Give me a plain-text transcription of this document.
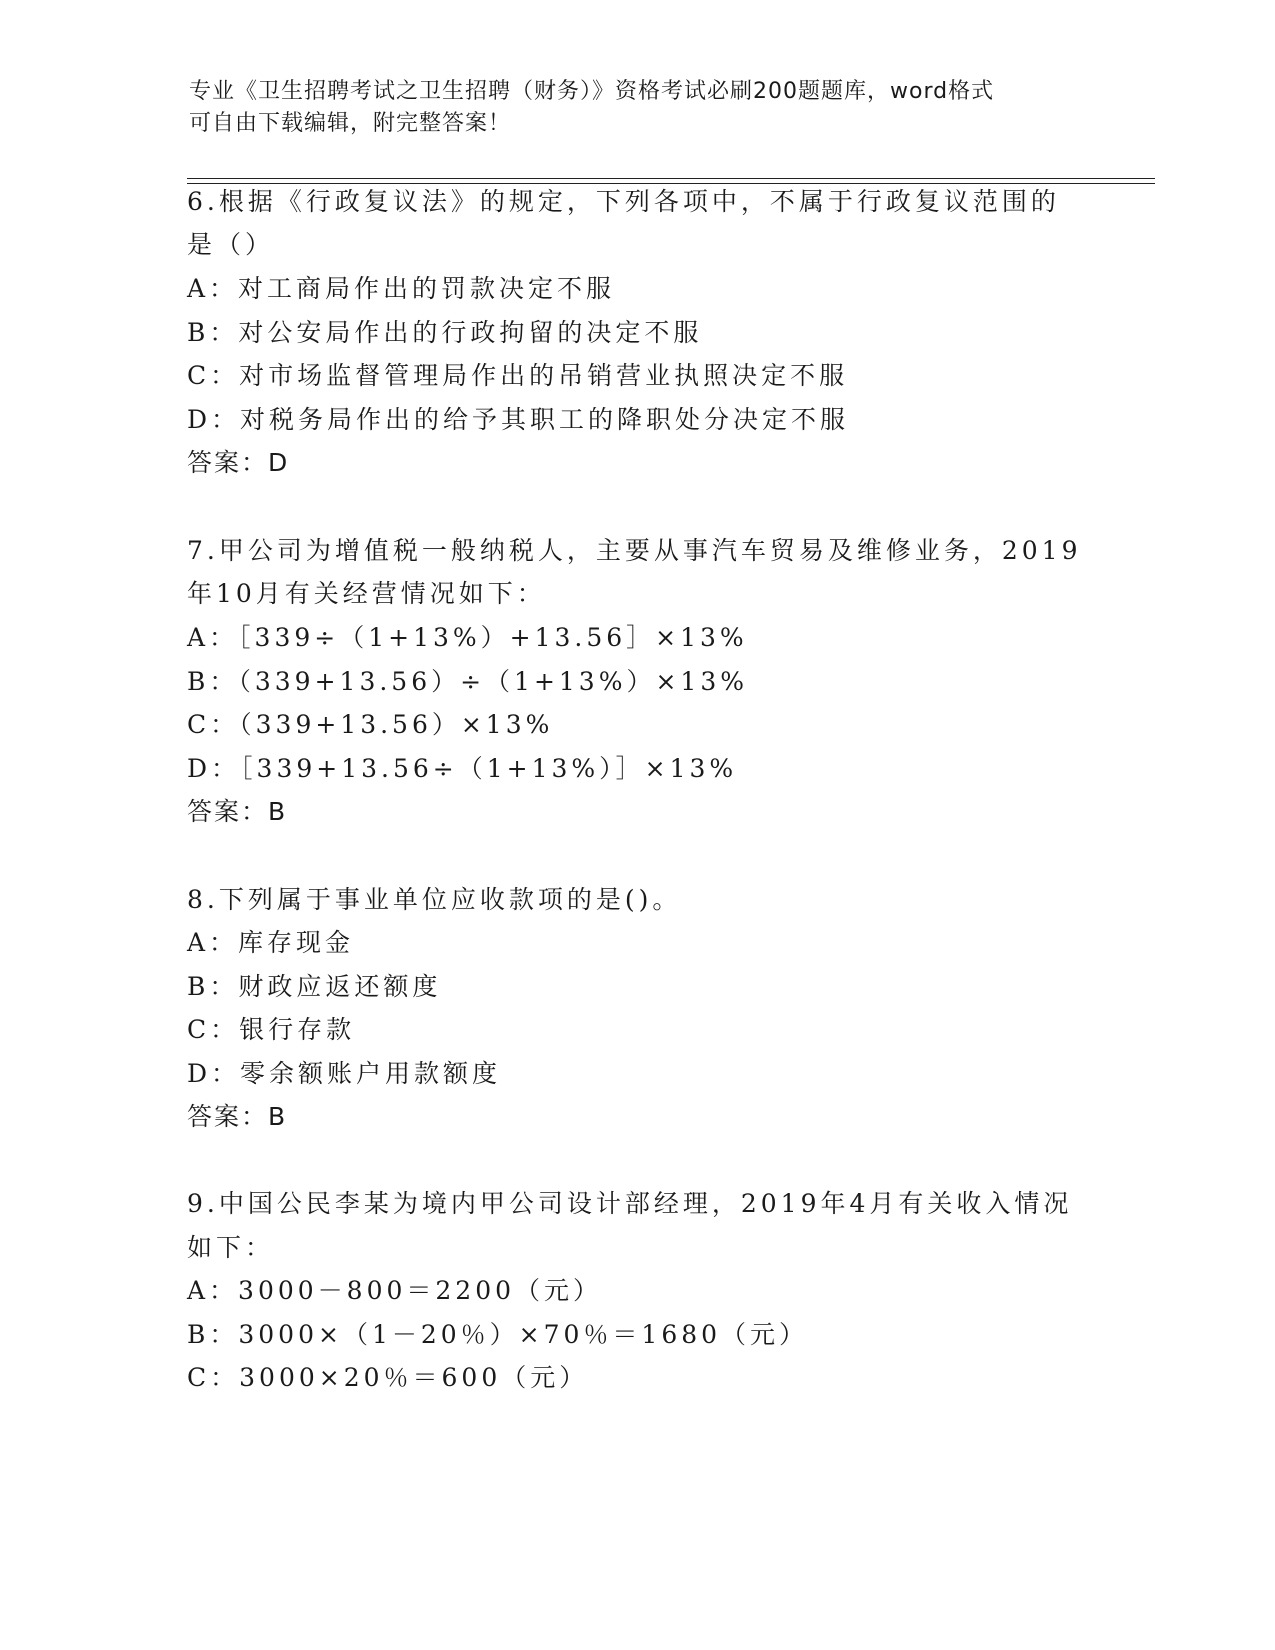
专业《卫生招聘考试之卫生招聘（财务）》资格考试必刷200题题库，word格式
可自由下载编辑，附完整答案！
6.根据《行政复议法》的规定，下列各项中，不属于行政复议范围的
是（）
A：对工商局作出的罚款决定不服
B：对公安局作出的行政拘留的决定不服
C：对市场监督管理局作出的吊销营业执照决定不服
D：对税务局作出的给予其职工的降职处分决定不服
答案：D
7.甲公司为增值税一般纳税人，主要从事汽车贸易及维修业务，2019
年10月有关经营情况如下：
A：［339÷（1+13%）+13.56］×13%
B：（339+13.56）÷（1+13%）×13%
C：（339+13.56）×13%
D：［339+13.56÷（1+13%）］×13%
答案：B
8.下列属于事业单位应收款项的是()。
A：库存现金
B：财政应返还额度
C：银行存款
D：零余额账户用款额度
答案：B
9.中国公民李某为境内甲公司设计部经理，2019年4月有关收入情况
如下：
A：3000－800＝2200（元）
B：3000×（1－20％）×70％＝1680（元）
C：3000×20％＝600（元）
